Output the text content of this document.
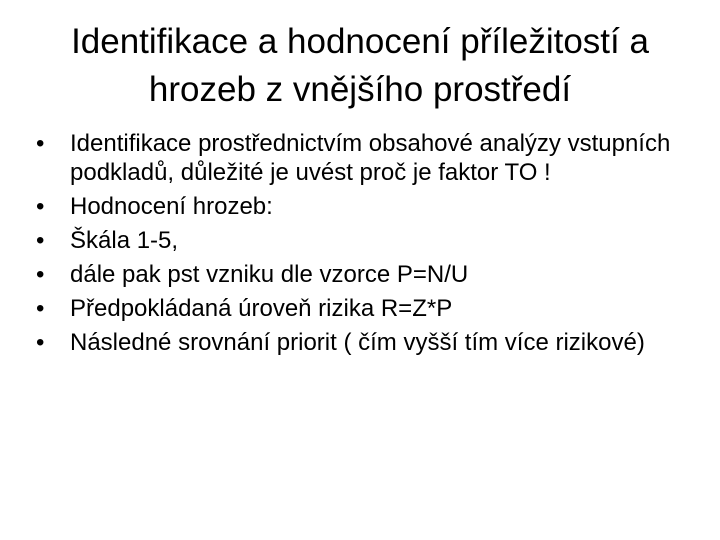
Identifikace a hodnocení příležitostí a
hrozeb z vnějšího prostředí
•	Identifikace prostřednictvím obsahové analýzy vstupních podkladů, důležité je uvést proč je faktor TO !
•	Hodnocení hrozeb:
•	Škála 1-5,
•	dále pak pst vzniku dle vzorce P=N/U
•	Předpokládaná úroveň rizika R=Z*P
•	Následné srovnání priorit ( čím vyšší tím více rizikové)
